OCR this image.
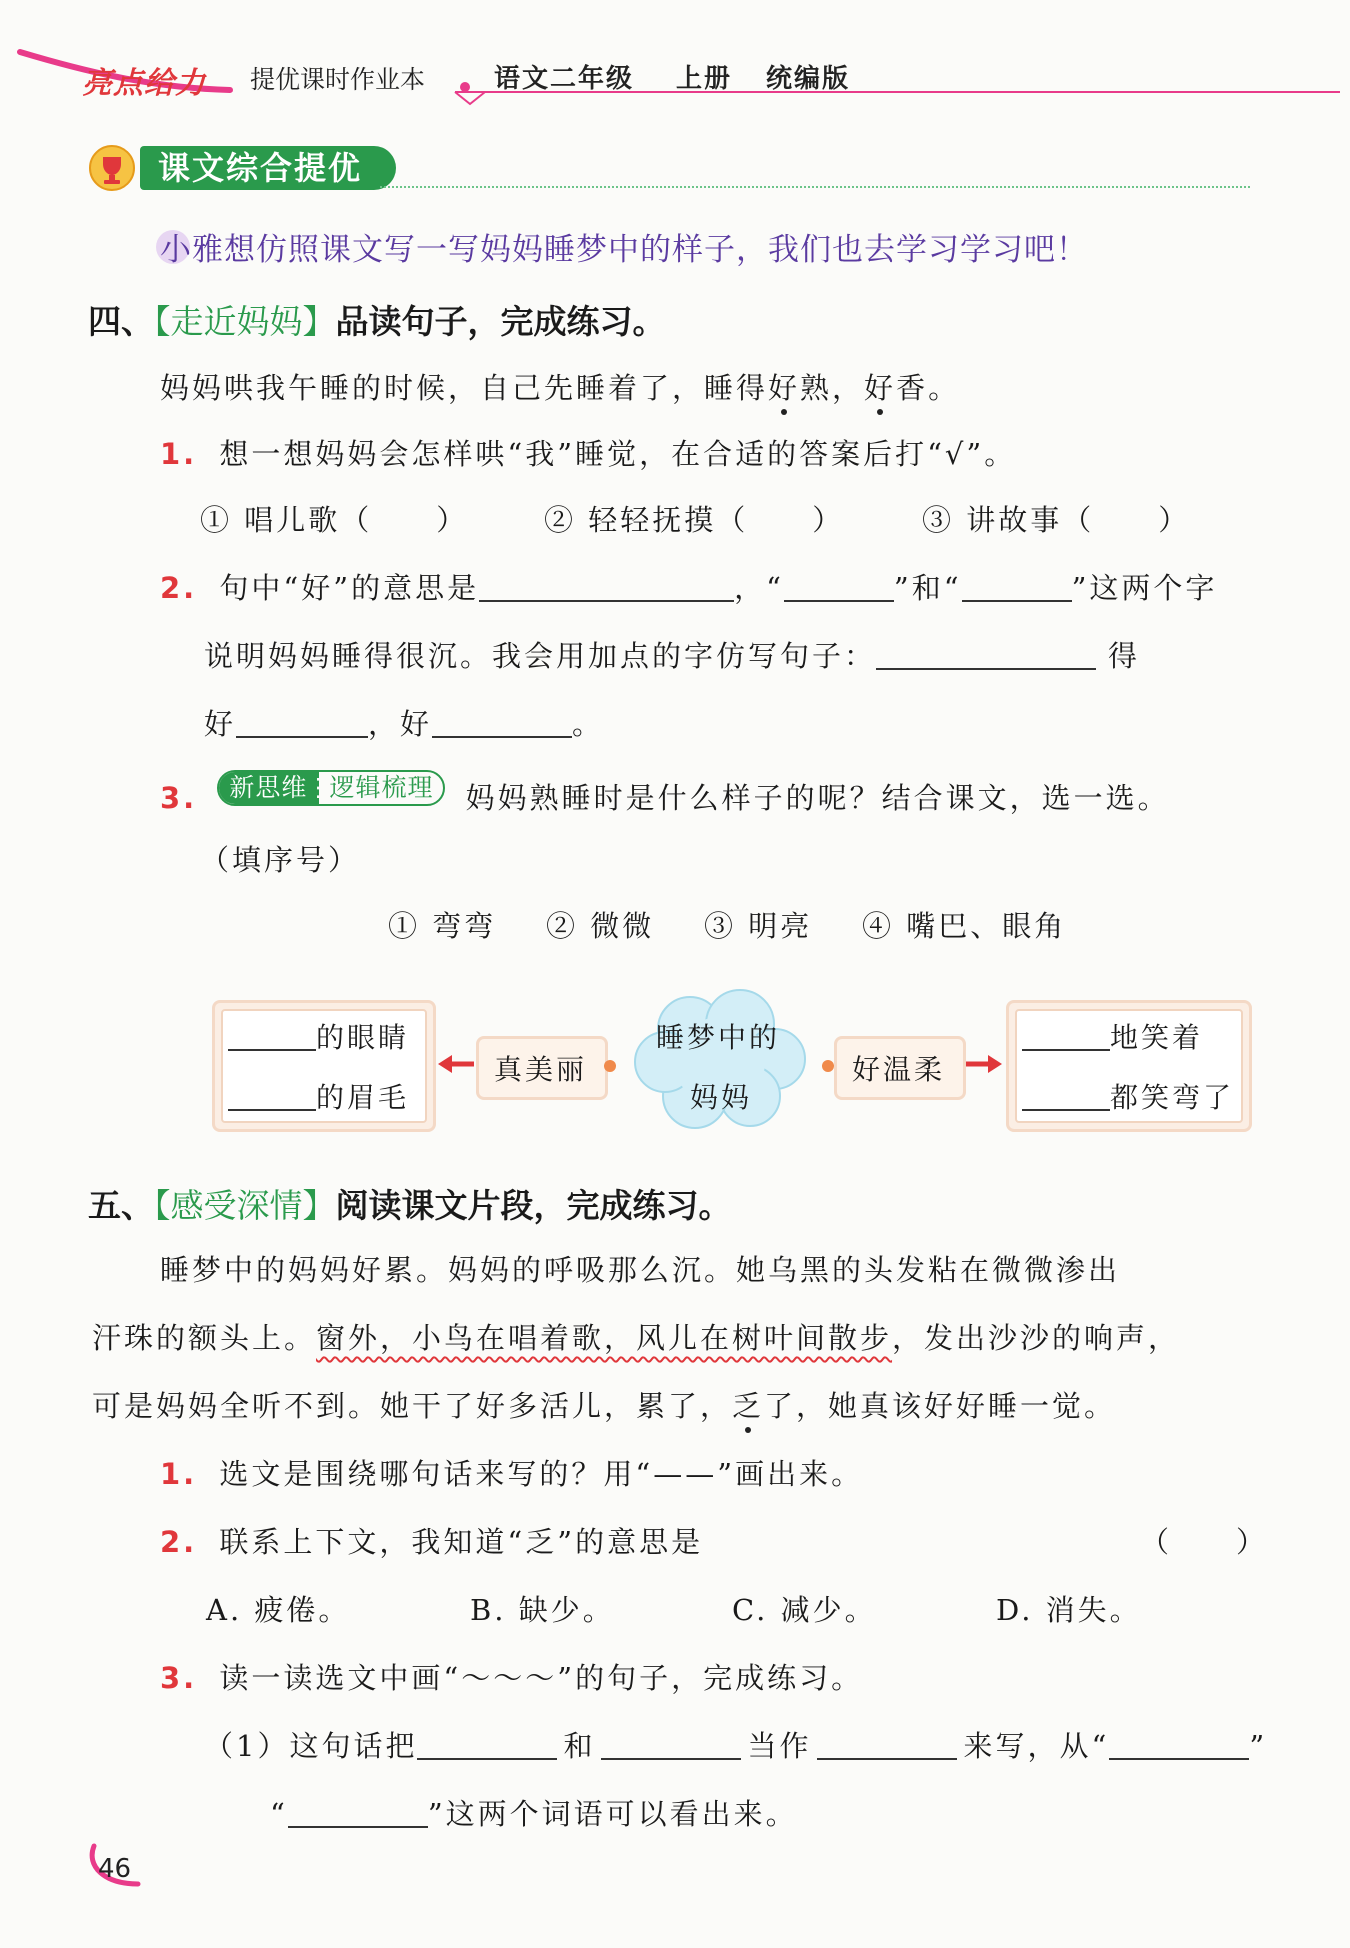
亮点给力 提优课时作业本	语文二年级 上册 统编版
课文综合提优
小雅想仿照课文写一写妈妈睡梦中的样子，我们也去学习学习吧！
四、【走近妈妈】品读句子，完成练习。
妈妈哄我午睡的时候，自己先睡着了，睡得好熟，好香。
1. 想一想妈妈会怎样哄“我”睡觉，在合适的答案后打“√”。
① 唱儿歌（　　）	② 轻轻抚摸（　　）	③ 讲故事（　　）
2. 句中“好”的意思是	，“	”和“	”这两个字
说明妈妈睡得很沉。我会用加点的字仿写句子：	得
好	，好	。
3. 新思维 逻辑梳理 妈妈熟睡时是什么样子的呢？结合课文，选一选。
（填序号）
① 弯弯 ② 微微 ③ 明亮 ④ 嘴巴、眼角
的眼睛
的眉毛
真美丽
睡梦中的
妈妈
好温柔
地笑着
都笑弯了
五、【感受深情】阅读课文片段，完成练习。
睡梦中的妈妈好累。妈妈的呼吸那么沉。她乌黑的头发粘在微微渗出
汗珠的额头上。窗外，小鸟在唱着歌，风儿在树叶间散步，发出沙沙的响声，
可是妈妈全听不到。她干了好多活儿，累了，乏了，她真该好好睡一觉。
1. 选文是围绕哪句话来写的？用“——”画出来。
2. 联系上下文，我知道“乏”的意思是	（　　）
A. 疲倦。	B. 缺少。	C. 减少。	D. 消失。
3. 读一读选文中画“～～～”的句子，完成练习。
（1）这句话把	和	当作	来写，从“	”
“	”这两个词语可以看出来。
46
